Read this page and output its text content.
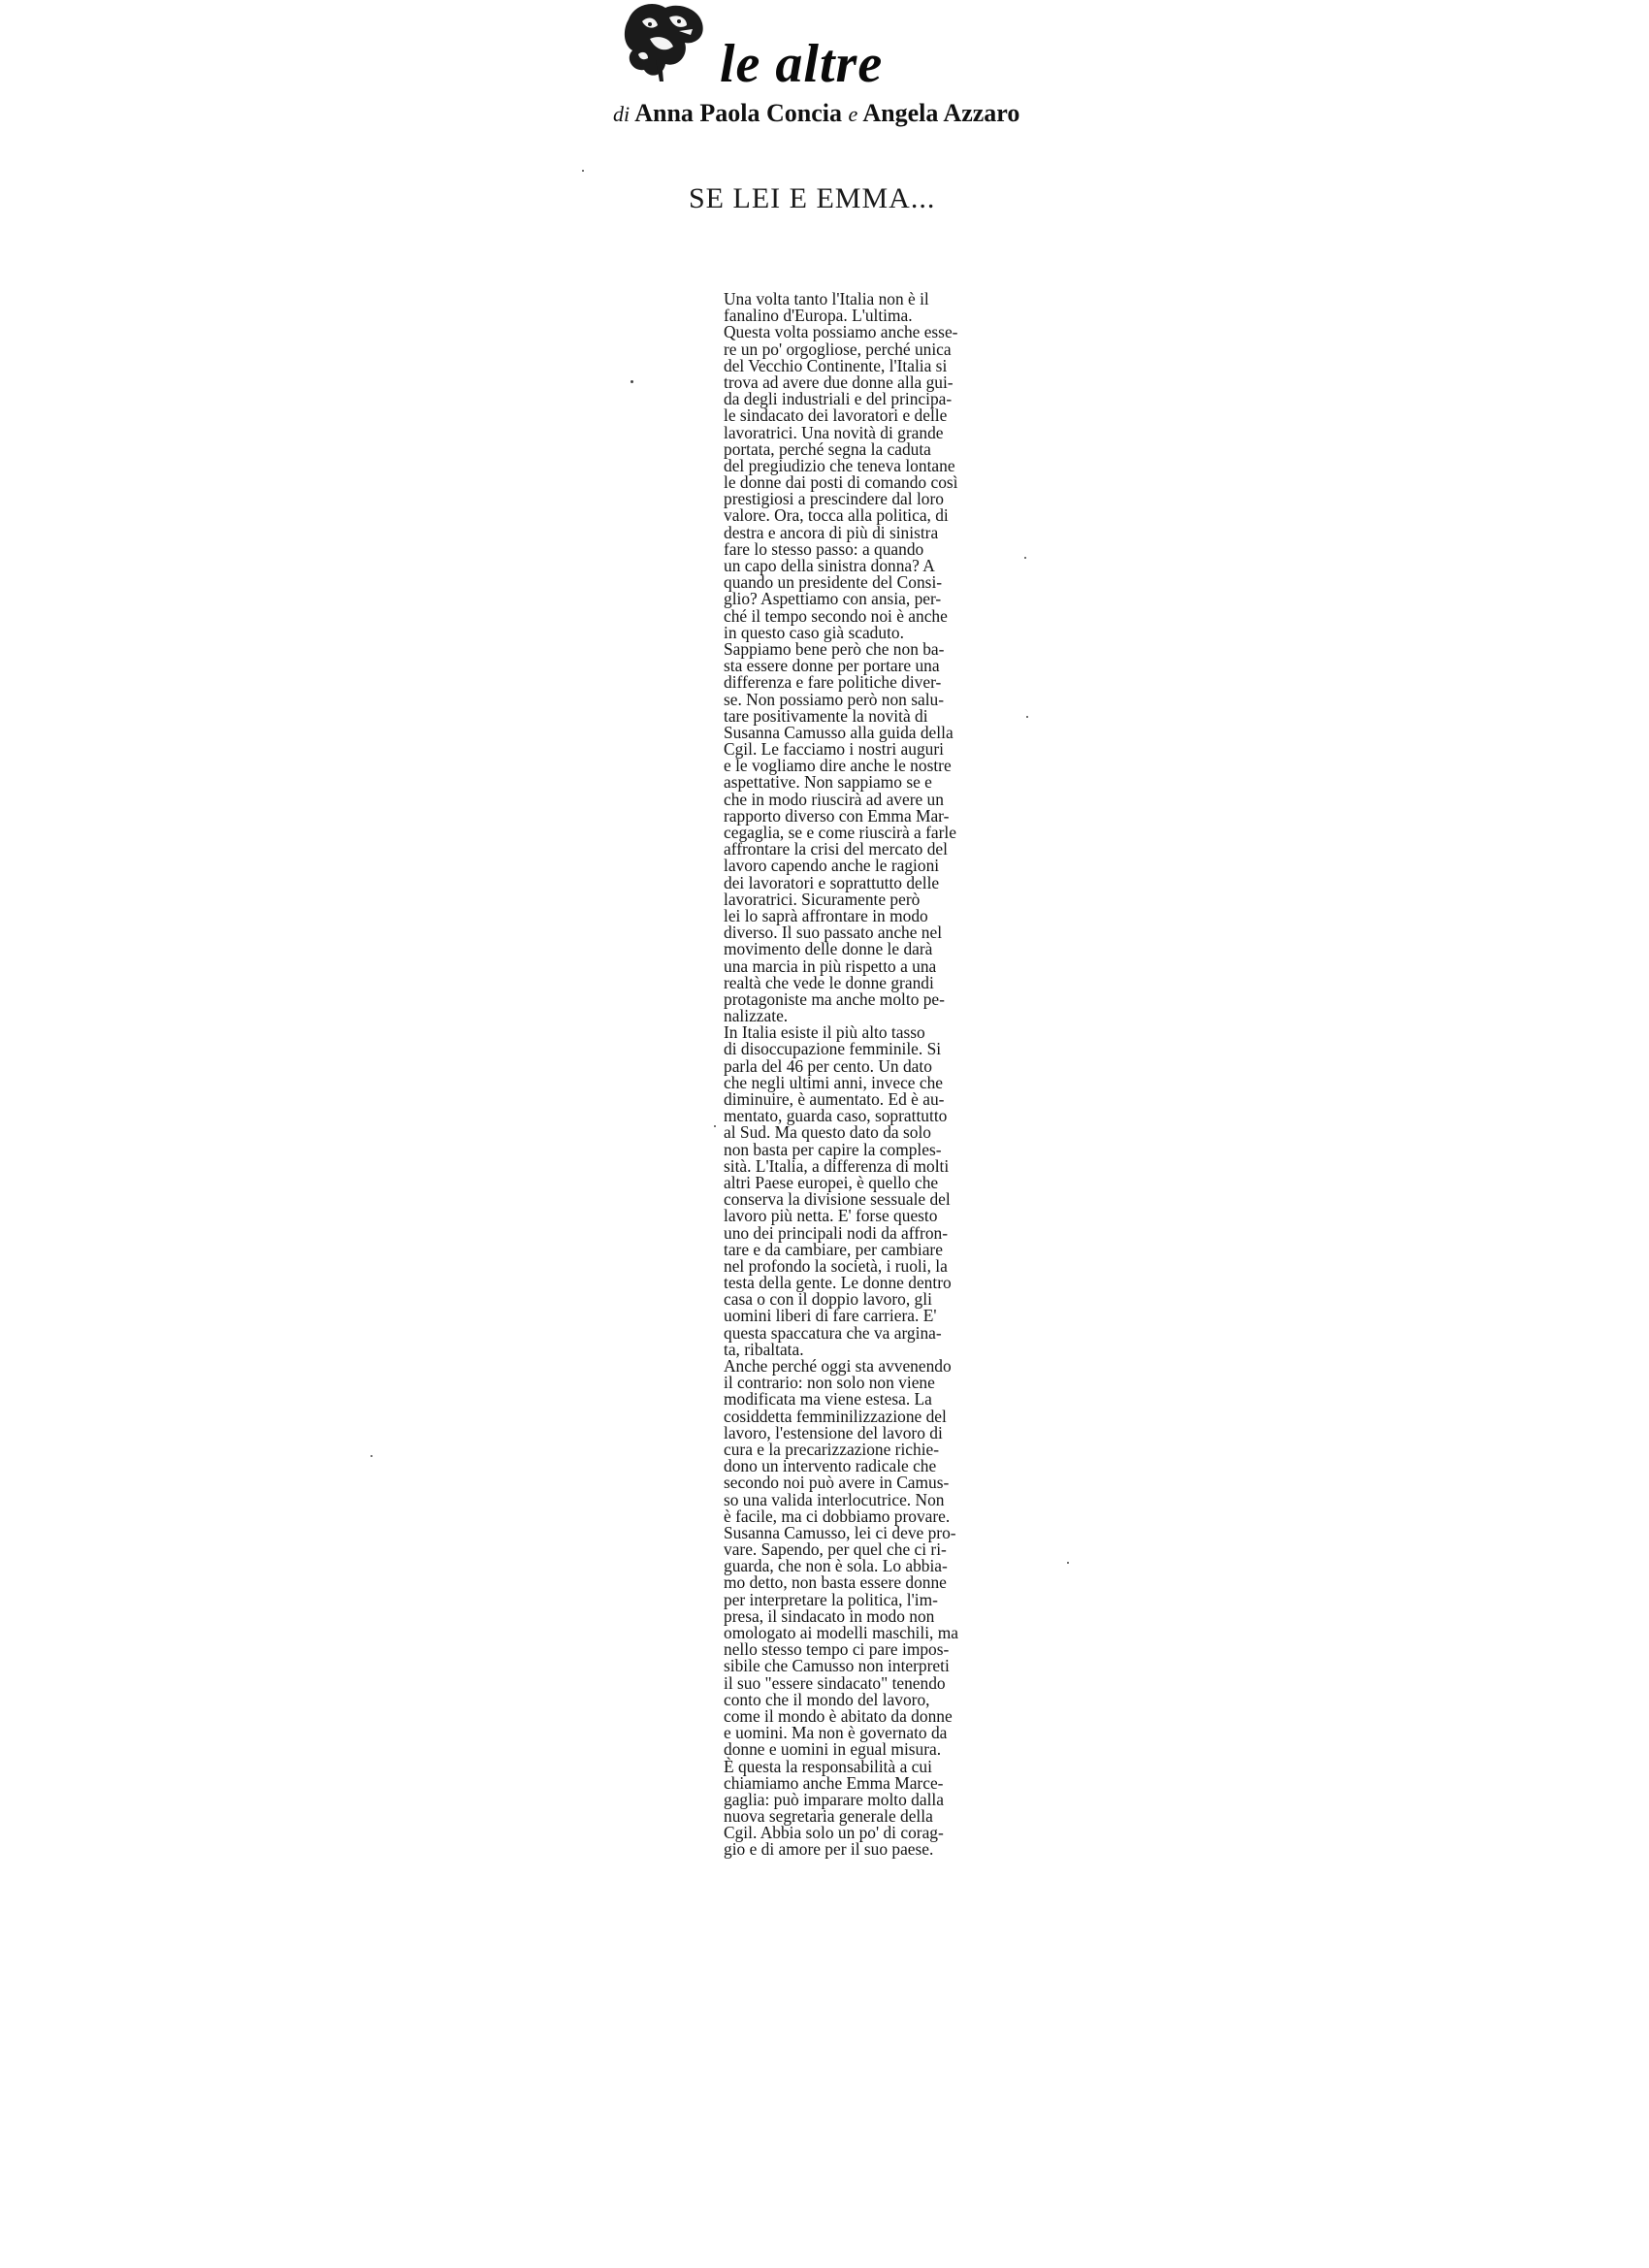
le altre
di Anna Paola Concia e Angela Azzaro
SE LEI E EMMA...
Una volta tanto l'Italia non è il
fanalino d'Europa. L'ultima.
Questa volta possiamo anche esse-
re un po' orgogliose, perché unica
del Vecchio Continente, l'Italia si
trova ad avere due donne alla gui-
da degli industriali e del principa-
le sindacato dei lavoratori e delle
lavoratrici. Una novità di grande
portata, perché segna la caduta
del pregiudizio che teneva lontane
le donne dai posti di comando così
prestigiosi a prescindere dal loro
valore. Ora, tocca alla politica, di
destra e ancora di più di sinistra
fare lo stesso passo: a quando
un capo della sinistra donna? A
quando un presidente del Consi-
glio? Aspettiamo con ansia, per-
ché il tempo secondo noi è anche
in questo caso già scaduto.
Sappiamo bene però che non ba-
sta essere donne per portare una
differenza e fare politiche diver-
se. Non possiamo però non salu-
tare positivamente la novità di
Susanna Camusso alla guida della
Cgil. Le facciamo i nostri auguri
e le vogliamo dire anche le nostre
aspettative. Non sappiamo se e
che in modo riuscirà ad avere un
rapporto diverso con Emma Mar-
cegaglia, se e come riuscirà a farle
affrontare la crisi del mercato del
lavoro capendo anche le ragioni
dei lavoratori e soprattutto delle
lavoratrici. Sicuramente però
lei lo saprà affrontare in modo
diverso. Il suo passato anche nel
movimento delle donne le darà
una marcia in più rispetto a una
realtà che vede le donne grandi
protagoniste ma anche molto pe-
nalizzate.
In Italia esiste il più alto tasso
di disoccupazione femminile. Si
parla del 46 per cento. Un dato
che negli ultimi anni, invece che
diminuire, è aumentato. Ed è au-
mentato, guarda caso, soprattutto
al Sud. Ma questo dato da solo
non basta per capire la comples-
sità. L'Italia, a differenza di molti
altri Paese europei, è quello che
conserva la divisione sessuale del
lavoro più netta. E' forse questo
uno dei principali nodi da affron-
tare e da cambiare, per cambiare
nel profondo la società, i ruoli, la
testa della gente. Le donne dentro
casa o con il doppio lavoro, gli
uomini liberi di fare carriera. E'
questa spaccatura che va argina-
ta, ribaltata.
Anche perché oggi sta avvenendo
il contrario: non solo non viene
modificata ma viene estesa. La
cosiddetta femminilizzazione del
lavoro, l'estensione del lavoro di
cura e la precarizzazione richie-
dono un intervento radicale che
secondo noi può avere in Camus-
so una valida interlocutrice. Non
è facile, ma ci dobbiamo provare.
Susanna Camusso, lei ci deve pro-
vare. Sapendo, per quel che ci ri-
guarda, che non è sola. Lo abbia-
mo detto, non basta essere donne
per interpretare la politica, l'im-
presa, il sindacato in modo non
omologato ai modelli maschili, ma
nello stesso tempo ci pare impos-
sibile che Camusso non interpreti
il suo "essere sindacato" tenendo
conto che il mondo del lavoro,
come il mondo è abitato da donne
e uomini. Ma non è governato da
donne e uomini in egual misura.
È questa la responsabilità a cui
chiamiamo anche Emma Marce-
gaglia: può imparare molto dalla
nuova segretaria generale della
Cgil. Abbia solo un po' di corag-
gio e di amore per il suo paese.
